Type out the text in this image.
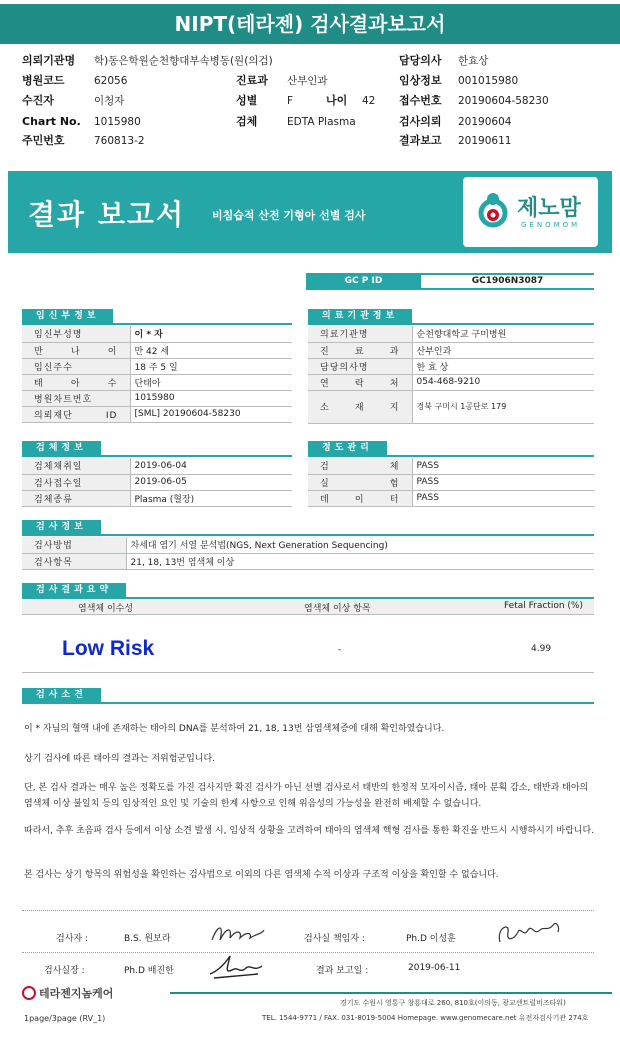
NIPT(테라젠) 검사결과보고서
의뢰기관명 학)동은학원순천향대부속병동(원(의검)	담당의사 한효상
병원코드	62056	진료과 산부인과	임상정보 001015980
수진자	이청자	성별	F	나이 42 접수번호 20190604-58230
Chart No. 1015980	검체	EDTA Plasma	검사의뢰 20190604
주민번호	760813-2	결과보고 20190611
결과 보고서 비침습적 산전 기형아 선별 검사	제노맘
GENOMOM
GC P ID	GC1906N3087
임신부정보
임신부성명	이 * 자
만 나 이	만 42 세
임신주수	18 주 5 일
태 아 수	단태아
병원차트번호	1015980
의뢰재단 ID	[SML] 20190604-58230
의료기관정보
의료기관명	순천향대학교 구미병원
진 료 과	산부인과
담당의사명	한 효 상
연 락 처	054-468-9210
소 재 지	경북 구미시 1공단로 179
검체정보
검체채취일	2019-06-04
검사접수일	2019-06-05
검체종류	Plasma (혈장)
정도관리
검 체	PASS
실 험	PASS
데 이 터	PASS
검사정보
검사방법	차세대 염기 서열 분석법(NGS, Next Generation Sequencing)
검사항목	21, 18, 13번 염색체 이상
검사결과요약
염색체 이수성	염색체 이상 항목	Fetal Fraction (%)
Low Risk	-	4.99
검사소견
이 * 자님의 혈액 내에 존재하는 태아의 DNA를 분석하여 21, 18, 13번 삼염색체증에 대해 확인하였습니다.
상기 검사에 따른 태아의 결과는 저위험군입니다.
단, 본 검사 결과는 매우 높은 정확도를 가진 검사지만 확진 검사가 아닌 선별 검사로서 태반의 한정적 모자이시즘, 태아 분획 감소, 태반과 태아의 염색체 이상 불일치 등의 임상적인 요인 및 기술의 한계 사항으로 인해 위음성의 가능성을 완전히 배제할 수 없습니다.
따라서, 추후 초음파 검사 등에서 이상 소견 발생 시, 임상적 상황을 고려하여 태아의 염색체 핵형 검사를 통한 확진을 반드시 시행하시기 바랍니다.
본 검사는 상기 항목의 위험성을 확인하는 검사법으로 이외의 다른 염색체 수적 이상과 구조적 이상을 확인할 수 없습니다.
검사자 :	B.S. 원보라	검사실 책임자 :	Ph.D 이성훈
검사실장 :	Ph.D 배진한	결과 보고일 :	2019-06-11
테라젠지놈케어
경기도 수원시 영통구 창룡대로 260, 810호(이의동, 광교센트럴비즈타워)
TEL. 1544-9771 / FAX. 031-8019-5004 Homepage. www.genomecare.net 유전자검사기관 274호
1page/3page (RV_1)
